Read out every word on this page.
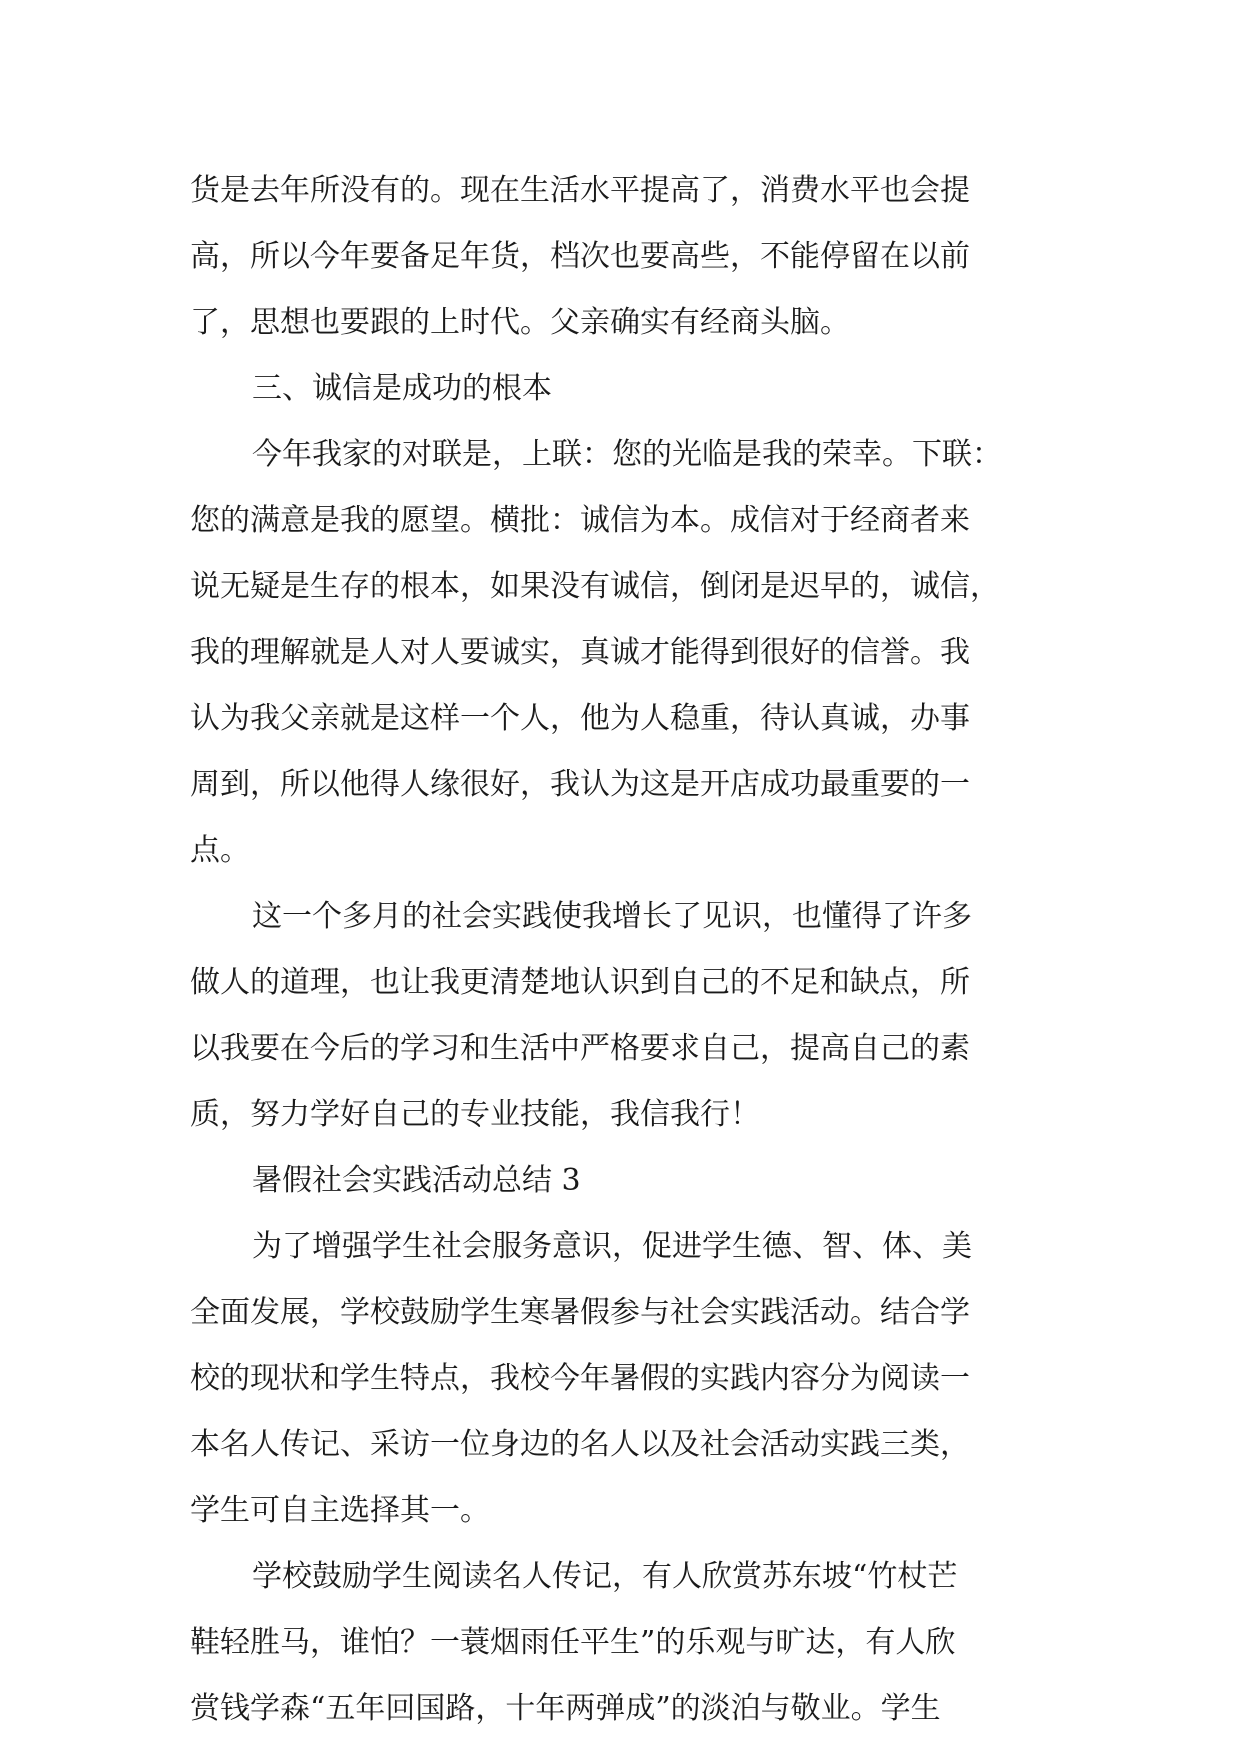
货是去年所没有的。现在生活水平提高了，消费水平也会提
高，所以今年要备足年货，档次也要高些，不能停留在以前
了，思想也要跟的上时代。父亲确实有经商头脑。
三、诚信是成功的根本
今年我家的对联是，上联：您的光临是我的荣幸。下联：
您的满意是我的愿望。横批：诚信为本。成信对于经商者来
说无疑是生存的根本，如果没有诚信，倒闭是迟早的，诚信，
我的理解就是人对人要诚实，真诚才能得到很好的信誉。我
认为我父亲就是这样一个人，他为人稳重，待认真诚，办事
周到，所以他得人缘很好，我认为这是开店成功最重要的一
点。
这一个多月的社会实践使我增长了见识，也懂得了许多
做人的道理，也让我更清楚地认识到自己的不足和缺点，所
以我要在今后的学习和生活中严格要求自己，提高自己的素
质，努力学好自己的专业技能，我信我行！
暑假社会实践活动总结 3
为了增强学生社会服务意识，促进学生德、智、体、美
全面发展，学校鼓励学生寒暑假参与社会实践活动。结合学
校的现状和学生特点，我校今年暑假的实践内容分为阅读一
本名人传记、采访一位身边的名人以及社会活动实践三类，
学生可自主选择其一。
学校鼓励学生阅读名人传记，有人欣赏苏东坡“竹杖芒
鞋轻胜马，谁怕？一蓑烟雨任平生”的乐观与旷达，有人欣
赏钱学森“五年回国路，十年两弹成”的淡泊与敬业。学生
